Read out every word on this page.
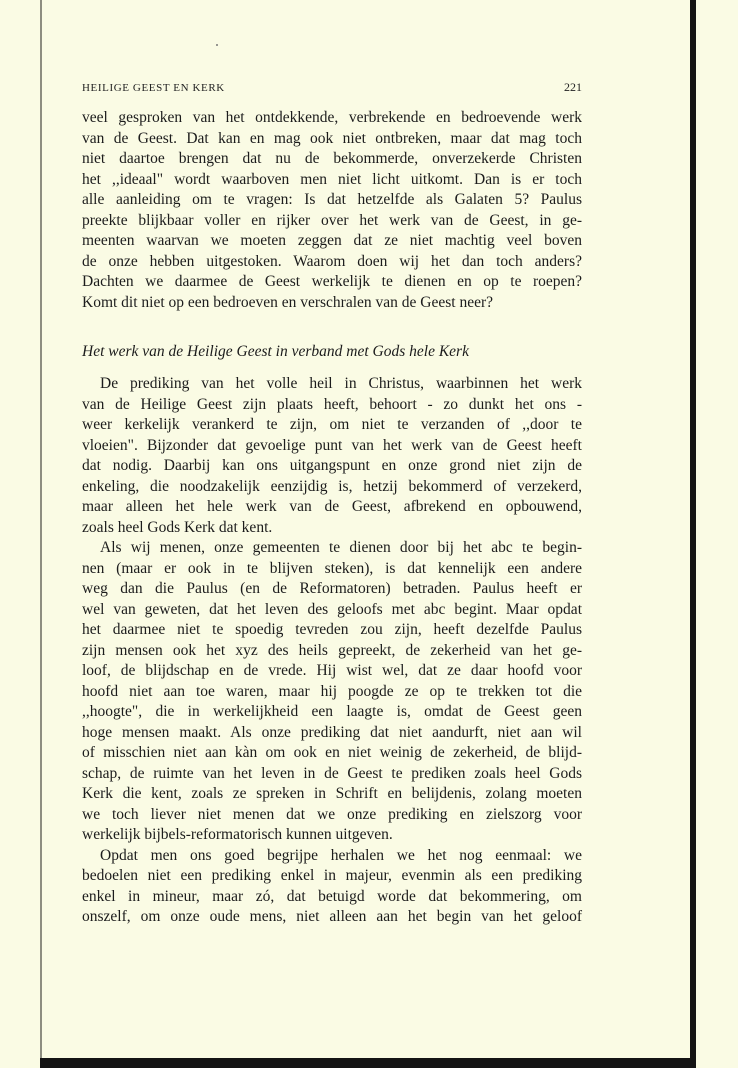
HEILIGE GEEST EN KERK	221
veel gesproken van het ontdekkende, verbrekende en bedroevende werk
van de Geest. Dat kan en mag ook niet ontbreken, maar dat mag toch
niet daartoe brengen dat nu de bekommerde, onverzekerde Christen
het ,,ideaal" wordt waarboven men niet licht uitkomt. Dan is er toch
alle aanleiding om te vragen: Is dat hetzelfde als Galaten 5? Paulus
preekte blijkbaar voller en rijker over het werk van de Geest, in ge-
meenten waarvan we moeten zeggen dat ze niet machtig veel boven
de onze hebben uitgestoken. Waarom doen wij het dan toch anders?
Dachten we daarmee de Geest werkelijk te dienen en op te roepen?
Komt dit niet op een bedroeven en verschralen van de Geest neer?
Het werk van de Heilige Geest in verband met Gods hele Kerk
De prediking van het volle heil in Christus, waarbinnen het werk
van de Heilige Geest zijn plaats heeft, behoort - zo dunkt het ons -
weer kerkelijk verankerd te zijn, om niet te verzanden of ,,door te
vloeien". Bijzonder dat gevoelige punt van het werk van de Geest heeft
dat nodig. Daarbij kan ons uitgangspunt en onze grond niet zijn de
enkeling, die noodzakelijk eenzijdig is, hetzij bekommerd of verzekerd,
maar alleen het hele werk van de Geest, afbrekend en opbouwend,
zoals heel Gods Kerk dat kent.
Als wij menen, onze gemeenten te dienen door bij het abc te begin-
nen (maar er ook in te blijven steken), is dat kennelijk een andere
weg dan die Paulus (en de Reformatoren) betraden. Paulus heeft er
wel van geweten, dat het leven des geloofs met abc begint. Maar opdat
het daarmee niet te spoedig tevreden zou zijn, heeft dezelfde Paulus
zijn mensen ook het xyz des heils gepreekt, de zekerheid van het ge-
loof, de blijdschap en de vrede. Hij wist wel, dat ze daar hoofd voor
hoofd niet aan toe waren, maar hij poogde ze op te trekken tot die
,,hoogte", die in werkelijkheid een laagte is, omdat de Geest geen
hoge mensen maakt. Als onze prediking dat niet aandurft, niet aan wil
of misschien niet aan kàn om ook en niet weinig de zekerheid, de blijd-
schap, de ruimte van het leven in de Geest te prediken zoals heel Gods
Kerk die kent, zoals ze spreken in Schrift en belijdenis, zolang moeten
we toch liever niet menen dat we onze prediking en zielszorg voor
werkelijk bijbels-reformatorisch kunnen uitgeven.
Opdat men ons goed begrijpe herhalen we het nog eenmaal: we
bedoelen niet een prediking enkel in majeur, evenmin als een prediking
enkel in mineur, maar zó, dat betuigd worde dat bekommering, om
onszelf, om onze oude mens, niet alleen aan het begin van het geloof
